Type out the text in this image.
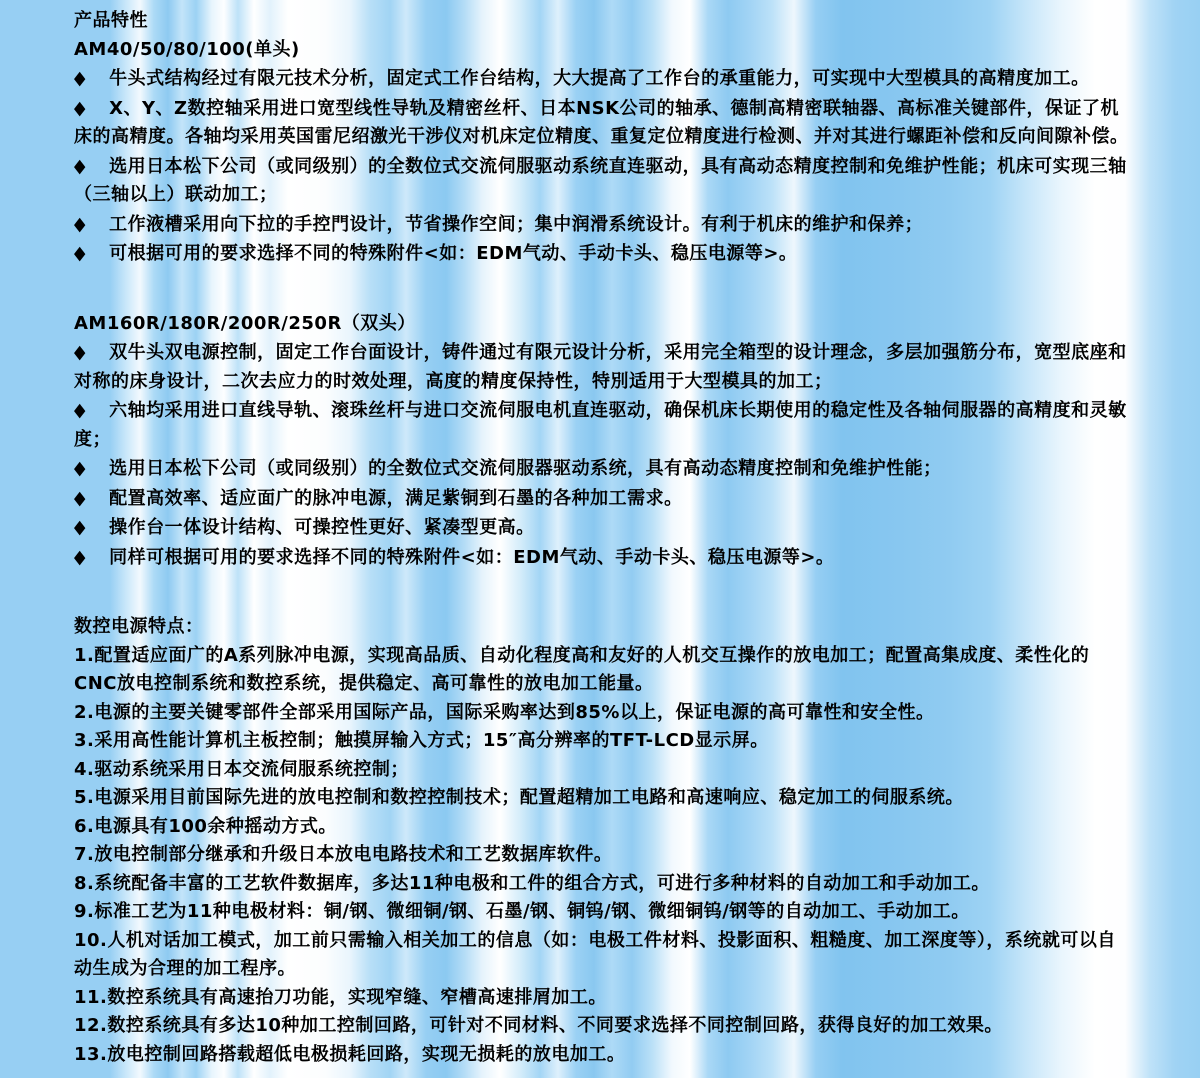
产品特性

AM40/50/80/100(单头)

◆ 牛头式结构经过有限元技术分析，固定式工作台结构，大大提高了工作台的承重能力，可实现中大型模具的高精度加工。

◆ X、Y、Z数控轴采用进口宽型线性导轨及精密丝杆、日本NSK公司的轴承、德制高精密联轴器、高标准关键部件，保证了机床的高精度。各轴均采用英国雷尼绍激光干涉仪对机床定位精度、重复定位精度进行检测、并对其进行螺距补偿和反向间隙补偿。

◆ 选用日本松下公司（或同级别）的全数位式交流伺服驱动系统直连驱动，具有高动态精度控制和免维护性能；机床可实现三轴（三轴以上）联动加工；

◆ 工作液槽采用向下拉的手控門设计，节省操作空间；集中润滑系统设计。有利于机床的维护和保养；

◆ 可根据可用的要求选择不同的特殊附件<如：EDM气动、手动卡头、稳压电源等>。

AM160R/180R/200R/250R（双头）

◆ 双牛头双电源控制，固定工作台面设计，铸件通过有限元设计分析，采用完全箱型的设计理念，多层加强筋分布，宽型底座和对称的床身设计，二次去应力的时效处理，高度的精度保持性，特別适用于大型模具的加工；

◆ 六轴均采用进口直线导轨、滚珠丝杆与进口交流伺服电机直连驱动，确保机床长期使用的稳定性及各轴伺服器的高精度和灵敏度；

◆ 选用日本松下公司（或同级别）的全数位式交流伺服器驱动系统，具有高动态精度控制和免维护性能；

◆ 配置高效率、适应面广的脉冲电源，满足紫铜到石墨的各种加工需求。

◆ 操作台一体设计结构、可操控性更好、紧凑型更高。

◆ 同样可根据可用的要求选择不同的特殊附件<如：EDM气动、手动卡头、稳压电源等>。

数控电源特点：

1.配置适应面广的A系列脉冲电源，实现高品质、自动化程度高和友好的人机交互操作的放电加工；配置高集成度、柔性化的CNC放电控制系统和数控系统，提供稳定、高可靠性的放电加工能量。

2.电源的主要关键零部件全部采用国际产品，国际采购率达到85%以上，保证电源的高可靠性和安全性。

3.采用高性能计算机主板控制；触摸屏输入方式；15″高分辨率的TFT-LCD显示屏。

4.驱动系统采用日本交流伺服系统控制；

5.电源采用目前国际先进的放电控制和数控控制技术；配置超精加工电路和高速响应、稳定加工的伺服系统。

6.电源具有100余种摇动方式。

7.放电控制部分继承和升级日本放电电路技术和工艺数据库软件。

8.系统配备丰富的工艺软件数据库，多达11种电极和工件的组合方式，可进行多种材料的自动加工和手动加工。

9.标准工艺为11种电极材料：铜/钢、微细铜/钢、石墨/钢、铜钨/钢、微细铜钨/钢等的自动加工、手动加工。

10.人机对话加工模式，加工前只需输入相关加工的信息（如：电极工件材料、投影面积、粗糙度、加工深度等），系统就可以自动生成为合理的加工程序。

11.数控系统具有高速抬刀功能，实现窄缝、窄槽高速排屑加工。

12.数控系统具有多达10种加工控制回路，可针对不同材料、不同要求选择不同控制回路，获得良好的加工效果。

13.放电控制回路搭载超低电极损耗回路，实现无损耗的放电加工。
